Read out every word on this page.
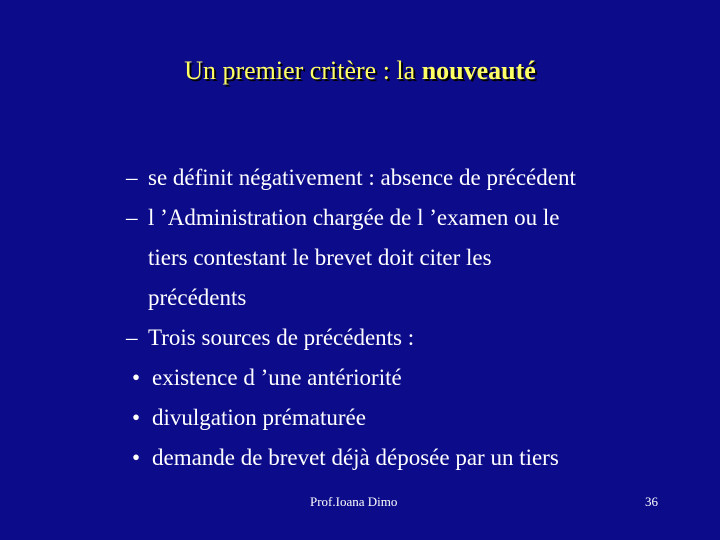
Un premier critère : la nouveauté
– se définit négativement : absence de précédent
– l ’Administration chargée de l ’examen ou le
tiers contestant le brevet doit citer les
précédents
– Trois sources de précédents :
• existence d ’une antériorité
• divulgation prématurée
• demande de brevet déjà déposée par un tiers
Prof.Ioana Dimo	36
